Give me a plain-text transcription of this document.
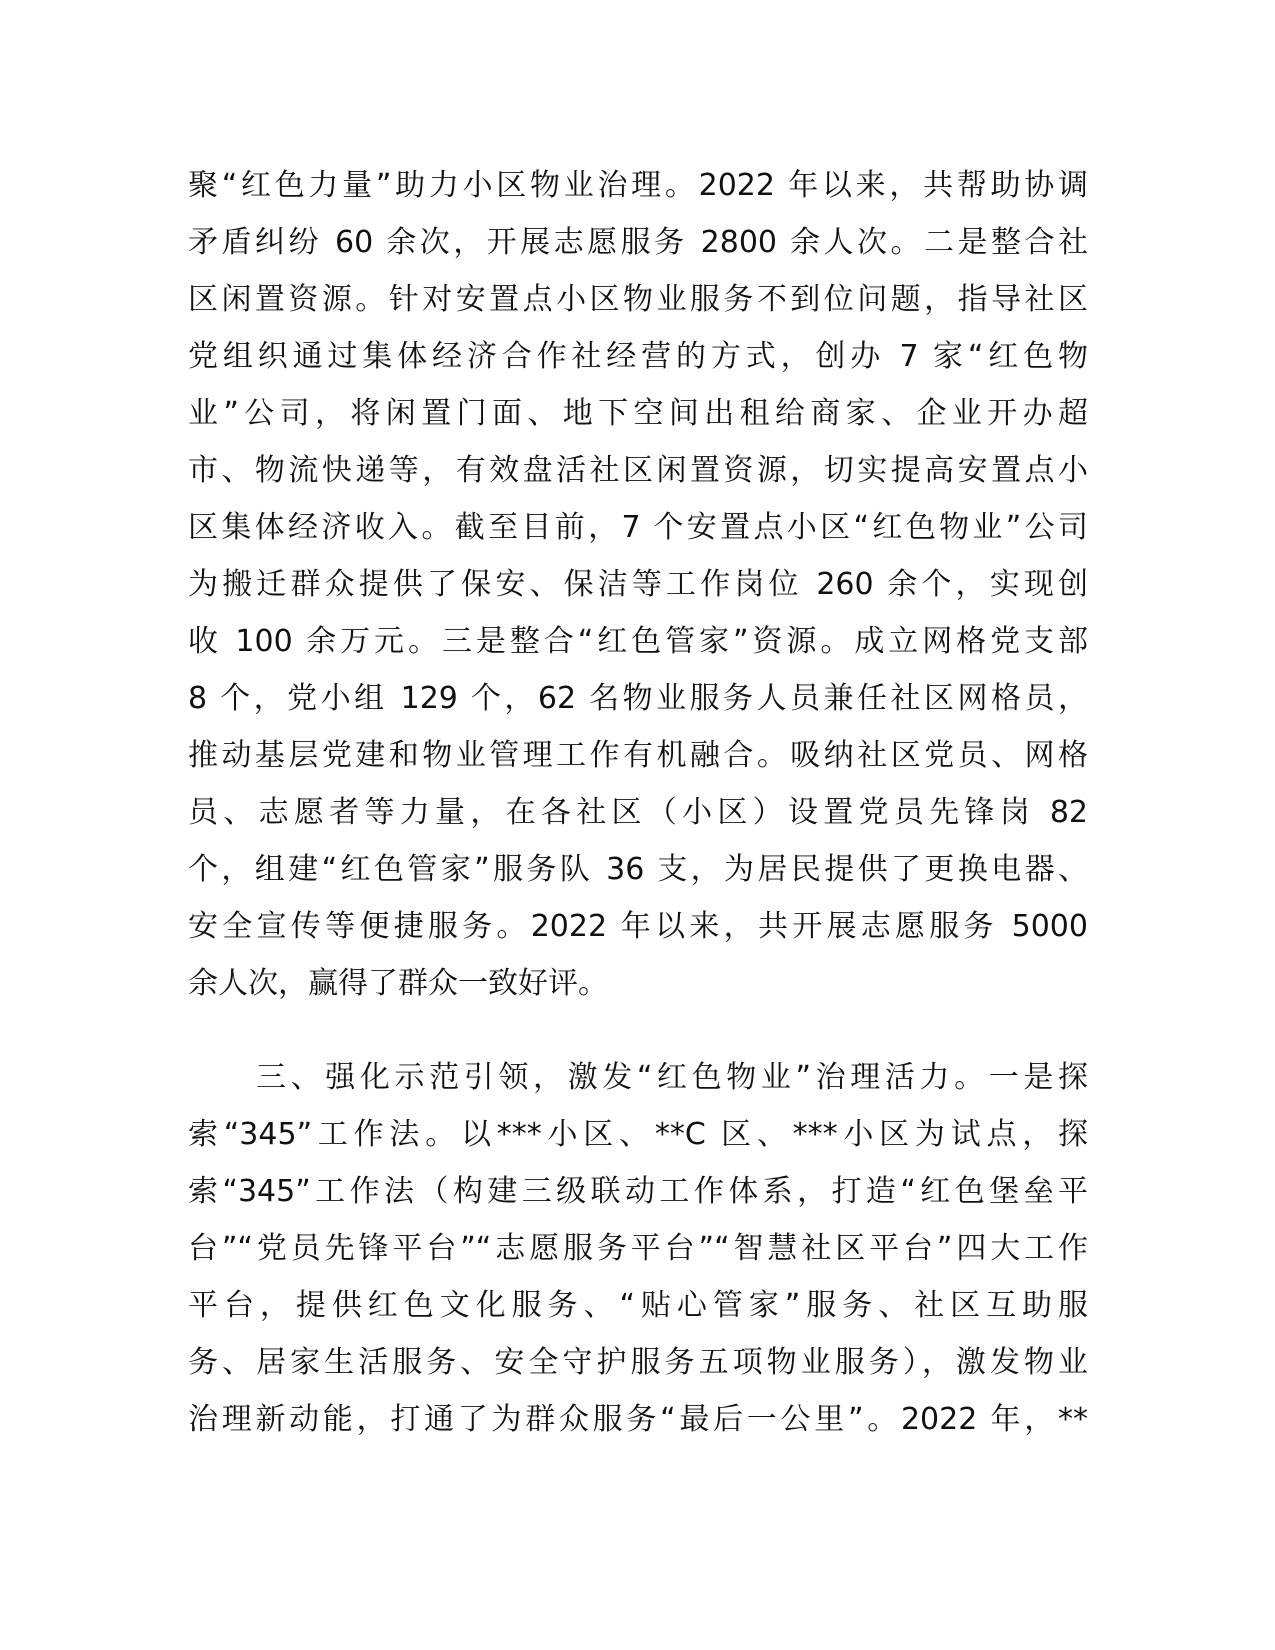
聚“红色力量”助力小区物业治理。2022 年以来，共帮助协调
矛盾纠纷 60 余次，开展志愿服务 2800 余人次。二是整合社
区闲置资源。针对安置点小区物业服务不到位问题，指导社区
党组织通过集体经济合作社经营的方式，创办 7 家“红色物
业”公司，将闲置门面、地下空间出租给商家、企业开办超
市、物流快递等，有效盘活社区闲置资源，切实提高安置点小
区集体经济收入。截至目前，7 个安置点小区“红色物业”公司
为搬迁群众提供了保安、保洁等工作岗位 260 余个，实现创
收 100 余万元。三是整合“红色管家”资源。成立网格党支部
8 个，党小组 129 个，62 名物业服务人员兼任社区网格员，
推动基层党建和物业管理工作有机融合。吸纳社区党员、网格
员、志愿者等力量，在各社区（小区）设置党员先锋岗 82
个，组建“红色管家”服务队 36 支，为居民提供了更换电器、
安全宣传等便捷服务。2022 年以来，共开展志愿服务 5000
余人次，赢得了群众一致好评。
三、强化示范引领，激发“红色物业”治理活力。一是探
索“345”工作法。以***小区、**C 区、***小区为试点，探
索“345”工作法（构建三级联动工作体系，打造“红色堡垒平
台”“党员先锋平台”“志愿服务平台”“智慧社区平台”四大工作
平台，提供红色文化服务、“贴心管家”服务、社区互助服
务、居家生活服务、安全守护服务五项物业服务），激发物业
治理新动能，打通了为群众服务“最后一公里”。2022 年，**
